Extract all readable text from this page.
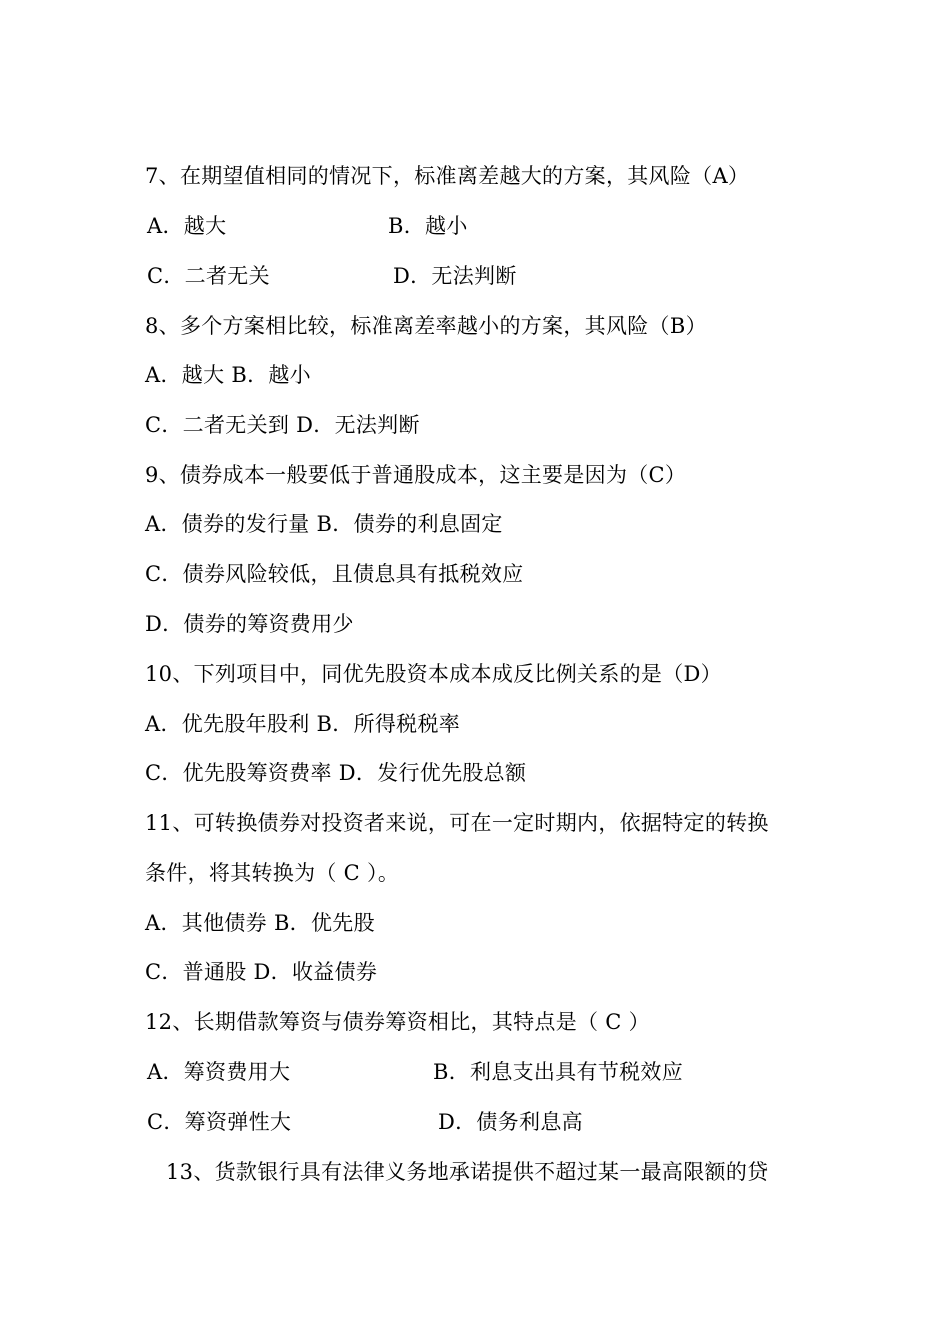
7、在期望值相同的情况下，标准离差越大的方案，其风险（A）
A．越大	B．越小
C．二者无关	D．无法判断
8、多个方案相比较，标准离差率越小的方案，其风险（B）
A．越大 B．越小
C．二者无关到 D．无法判断
9、债券成本一般要低于普通股成本，这主要是因为（C）
A．债券的发行量 B．债券的利息固定
C．债券风险较低，且债息具有抵税效应
D．债券的筹资费用少
10、下列项目中，同优先股资本成本成反比例关系的是（D）
A．优先股年股利 B．所得税税率
C．优先股筹资费率 D．发行优先股总额
11、可转换债券对投资者来说，可在一定时期内，依据特定的转换
条件，将其转换为（ C ）。
A．其他债券 B．优先股
C．普通股 D．收益债券
12、长期借款筹资与债券筹资相比，其特点是（ C ）
A．筹资费用大	B．利息支出具有节税效应
C．筹资弹性大	D．债务利息高
13、货款银行具有法律义务地承诺提供不超过某一最高限额的贷
